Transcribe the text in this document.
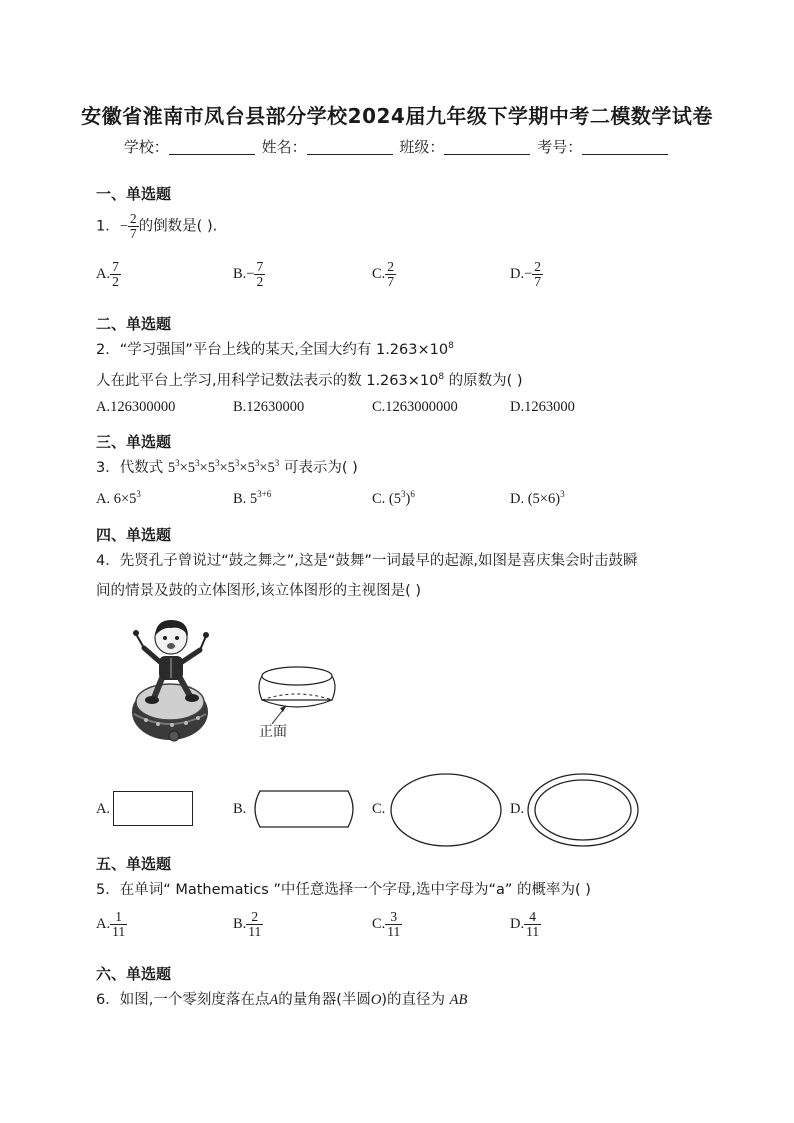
安徽省淮南市凤台县部分学校2024届九年级下学期中考二模数学试卷
学校：	姓名：	班级：	考号：
一、单选题
1．− $\frac{2}{7}$ 的倒数是( ).
A. $\frac{7}{2}$	$B.- \frac{7}{2}$	C. $\frac{2}{7}$	$D.- \frac{2}{7}$
二、单选题
2．“学习强国”平台上线的某天,全国大约有 $1.263\times 10^8$
人在此平台上学习,用科学记数法表示的数 $1.263\times 10^8$ 的原数为( )
A.126300000	B.12630000	C.1263000000	D.1263000
三、单选题
3．代数式 $5^3\times 5^3\times 5^3\times 5^3\times 5^3\times 5^3$ 可表示为( )
A. $6\times 5^3$	B. $5^{3+6}$	C. $(5^3)^6$	D. $(5\times 6)^3$
四、单选题
4．先贤孔子曾说过“鼓之舞之”,这是“鼓舞”一词最早的起源,如图是喜庆集会时击鼓瞬
间的情景及鼓的立体图形,该立体图形的主视图是( )
正面
A.	B.	C.	D.
五、单选题
5．在单词“ Mathematics ”中任意选择一个字母,选中字母为“a” 的概率为( )
A. $\frac{1}{11}$	B. $\frac{2}{11}$	C. $\frac{3}{11}$	D. $\frac{4}{11}$
六、单选题
6．如图,一个零刻度落在点A的量角器(半圆O)的直径为 AB
